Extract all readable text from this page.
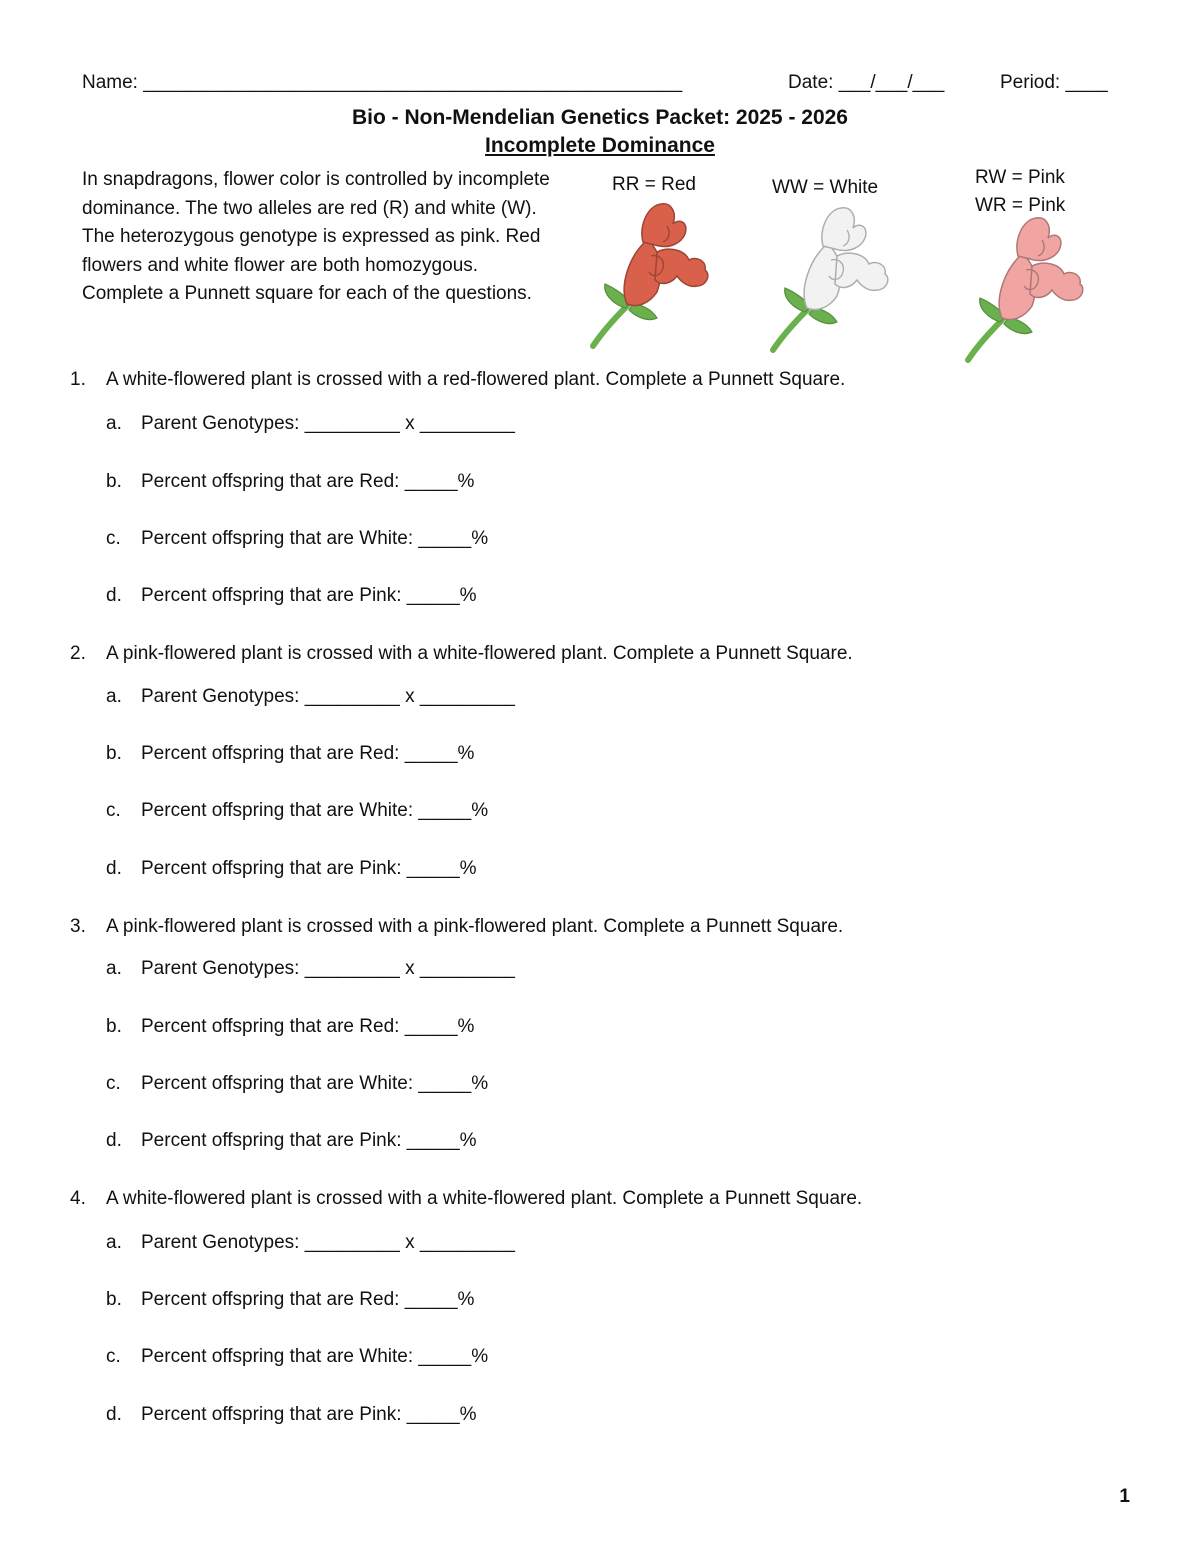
Name: ___________________________________________________	Date: ___/___/___	Period: ____
Bio - Non-Mendelian Genetics Packet: 2025 - 2026
Incomplete Dominance
In snapdragons, flower color is controlled by incomplete dominance. The two alleles are red (R) and white (W). The heterozygous genotype is expressed as pink. Red flowers and white flower are both homozygous. Complete a Punnett square for each of the questions.
RR = Red	WW = White	RW = Pink
WR = Pink
1. A white-flowered plant is crossed with a red-flowered plant. Complete a Punnett Square.
a. Parent Genotypes: _________ x _________
b. Percent offspring that are Red: _____%
c. Percent offspring that are White: _____%
d. Percent offspring that are Pink: _____%
2. A pink-flowered plant is crossed with a white-flowered plant. Complete a Punnett Square.
a. Parent Genotypes: _________ x _________
b. Percent offspring that are Red: _____%
c. Percent offspring that are White: _____%
d. Percent offspring that are Pink: _____%
3. A pink-flowered plant is crossed with a pink-flowered plant. Complete a Punnett Square.
a. Parent Genotypes: _________ x _________
b. Percent offspring that are Red: _____%
c. Percent offspring that are White: _____%
d. Percent offspring that are Pink: _____%
4. A white-flowered plant is crossed with a white-flowered plant. Complete a Punnett Square.
a. Parent Genotypes: _________ x _________
b. Percent offspring that are Red: _____%
c. Percent offspring that are White: _____%
d. Percent offspring that are Pink: _____%
1
